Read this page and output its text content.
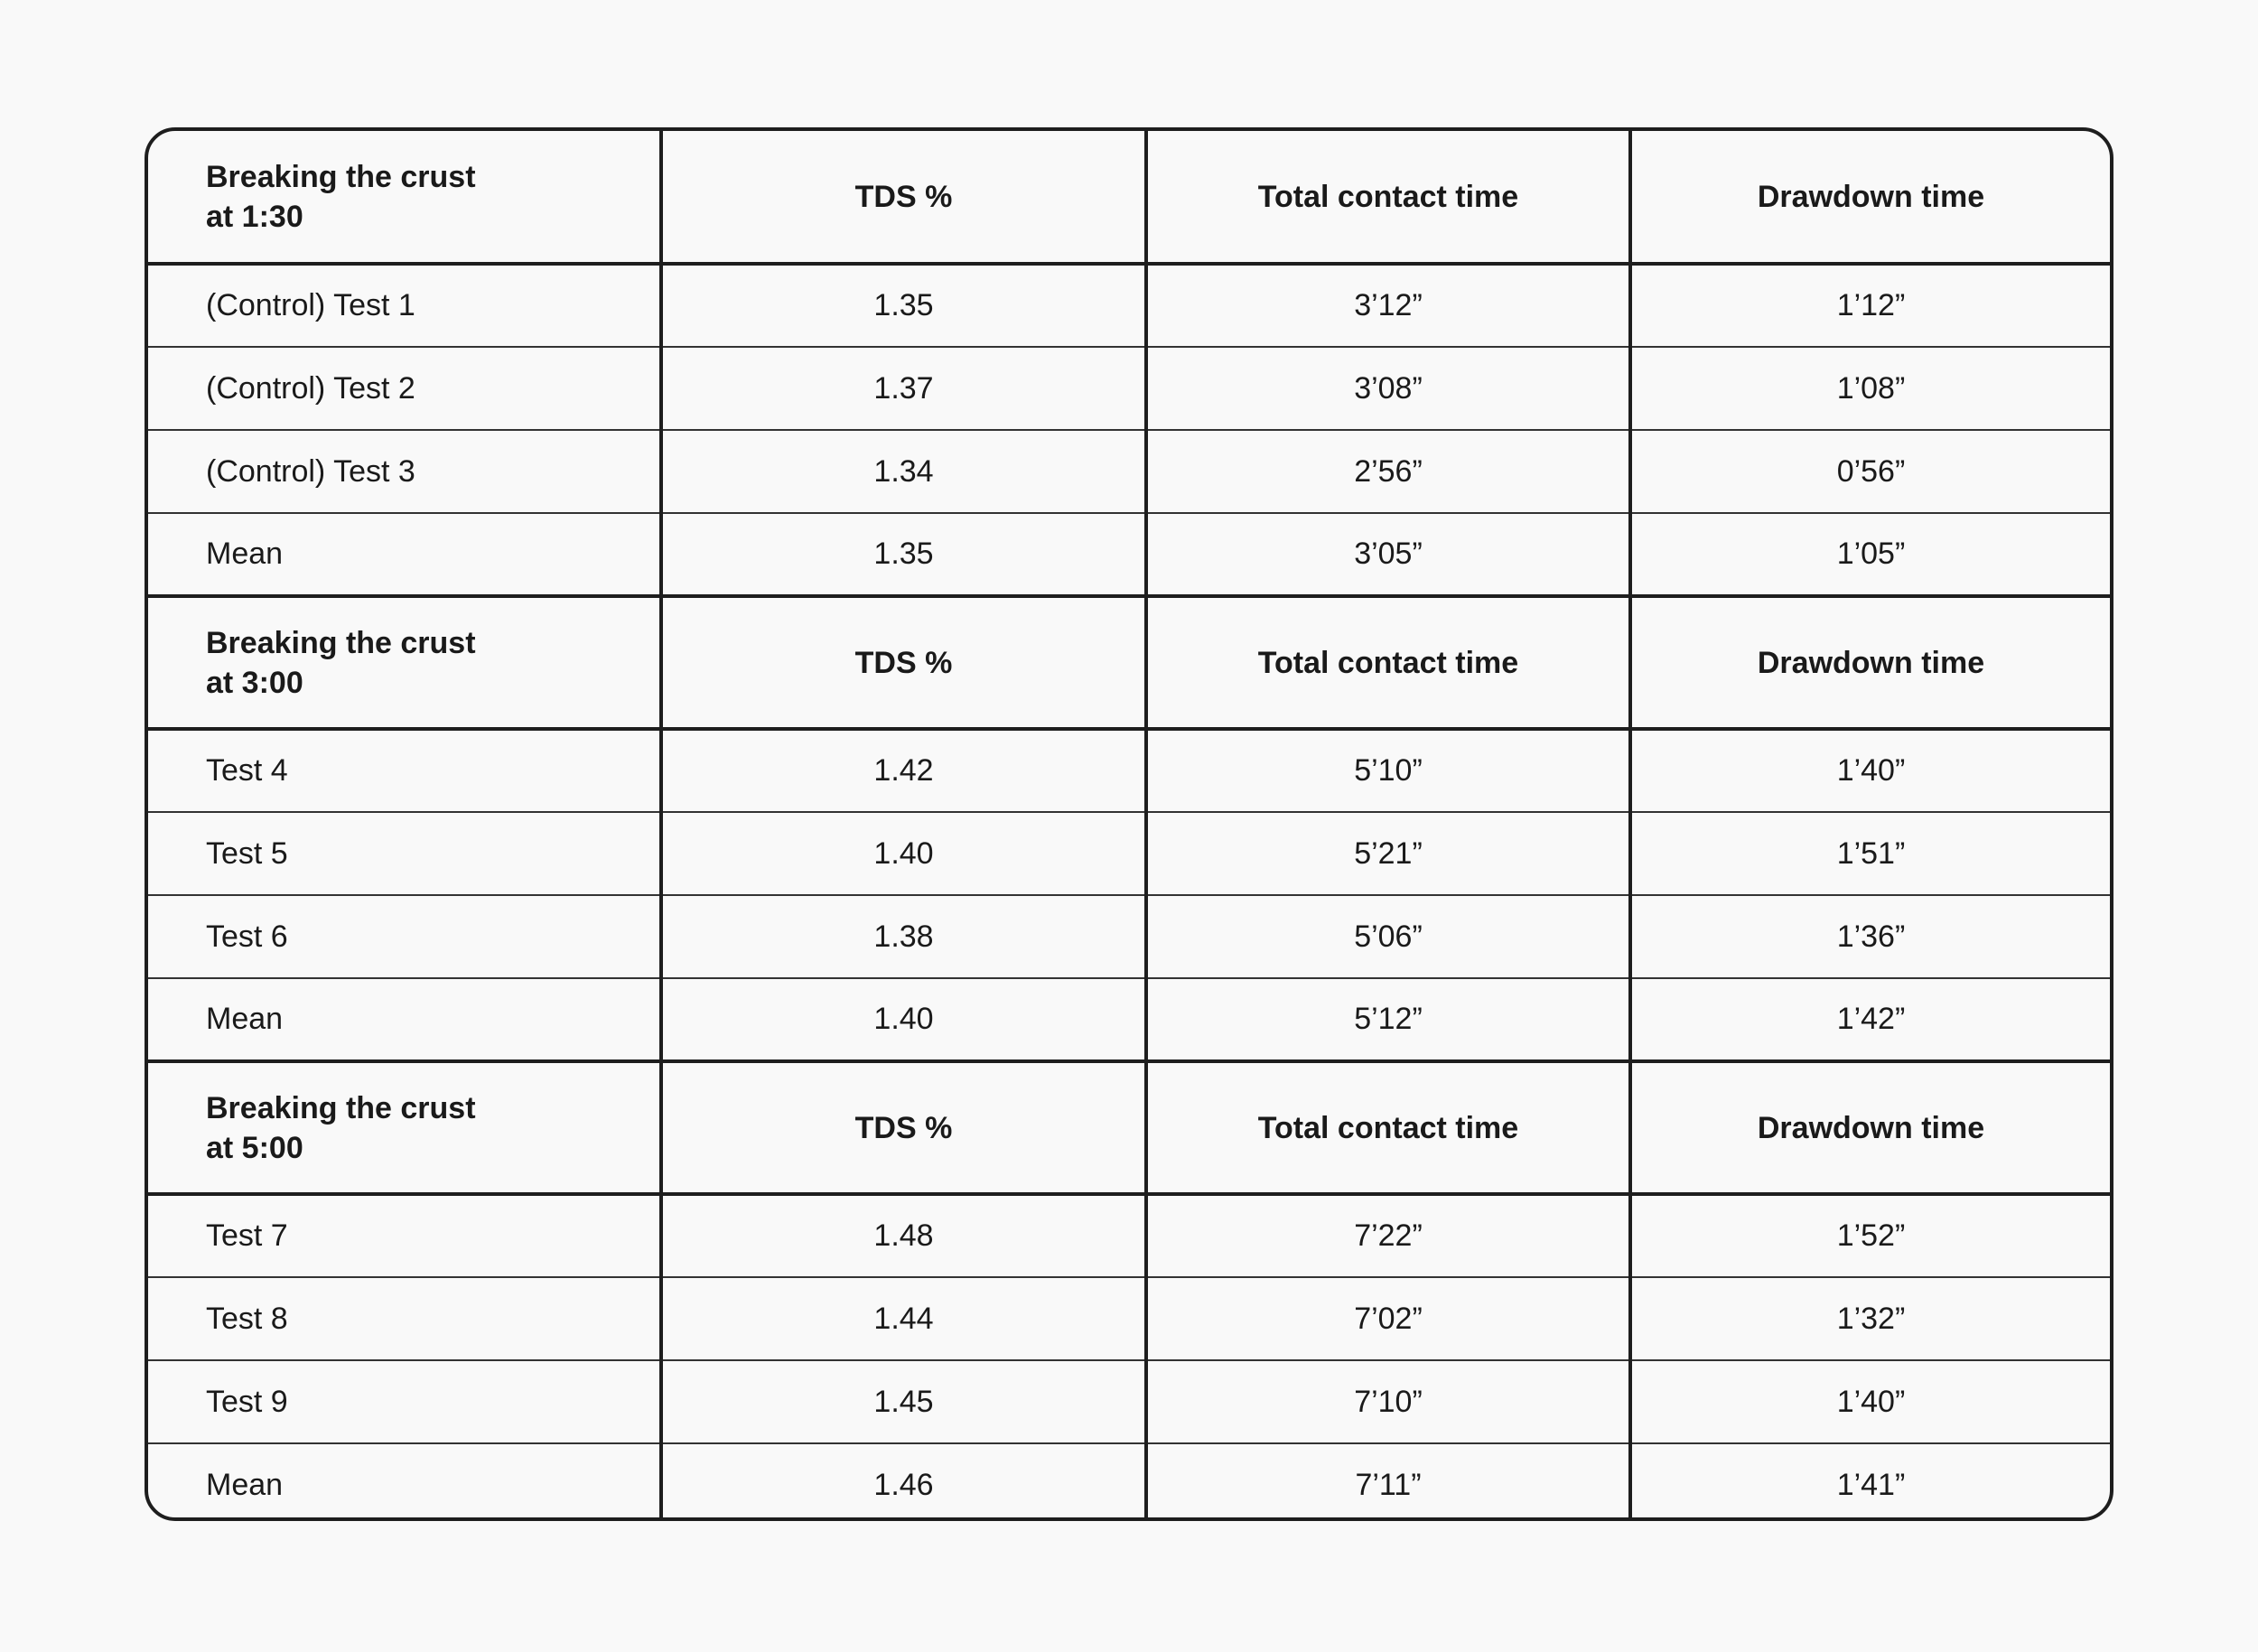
Breaking the crust
at 1:30	TDS %	Total contact time	Drawdown time
(Control) Test 1	1.35	3’12”	1’12”
(Control) Test 2	1.37	3’08”	1’08”
(Control) Test 3	1.34	2’56”	0’56”
Mean	1.35	3’05”	1’05”

Breaking the crust
at 3:00	TDS %	Total contact time	Drawdown time
Test 4	1.42	5’10”	1’40”
Test 5	1.40	5’21”	1’51”
Test 6	1.38	5’06”	1’36”
Mean	1.40	5’12”	1’42”

Breaking the crust
at 5:00	TDS %	Total contact time	Drawdown time
Test 7	1.48	7’22”	1’52”
Test 8	1.44	7’02”	1’32”
Test 9	1.45	7’10”	1’40”
Mean	1.46	7’11”	1’41”
